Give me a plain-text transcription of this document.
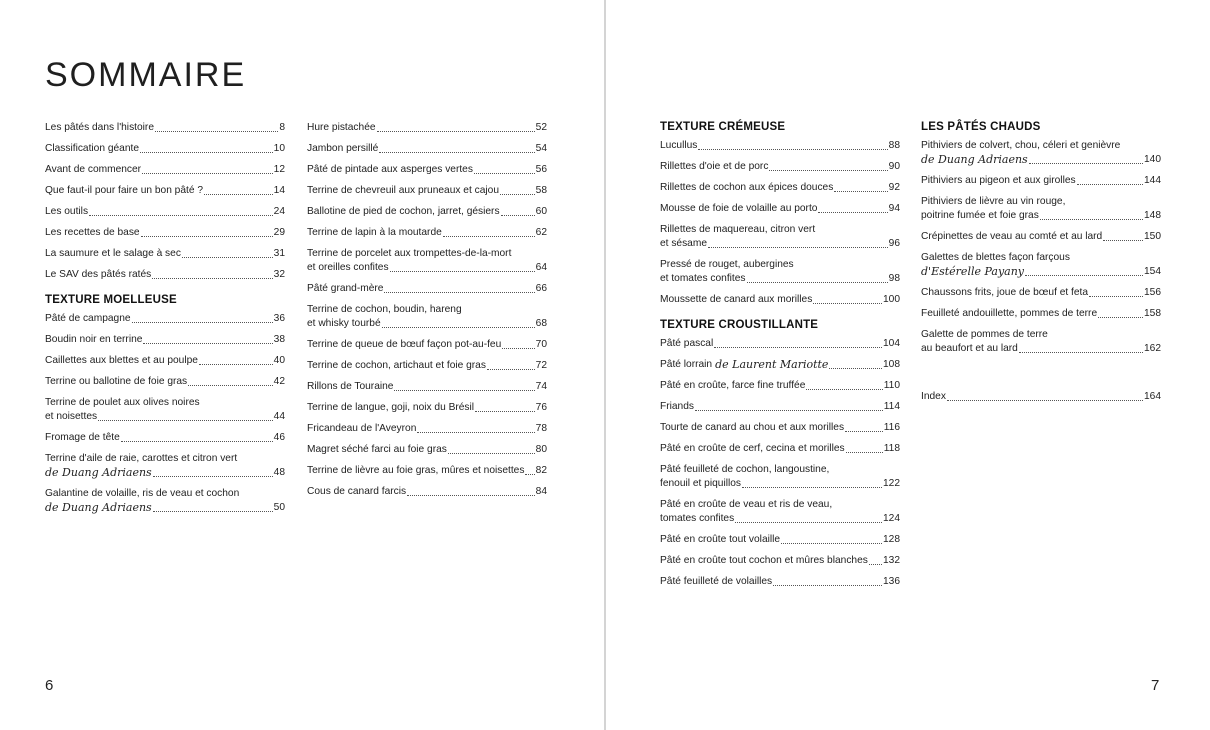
SOMMAIRE
Les pâtés dans l'histoire	8
Classification géante	10
Avant de commencer	12
Que faut-il pour faire un bon pâté ?	14
Les outils	24
Les recettes de base	29
La saumure et le salage à sec	31
Le SAV des pâtés ratés	32
TEXTURE MOELLEUSE
Pâté de campagne	36
Boudin noir en terrine	38
Caillettes aux blettes et au poulpe	40
Terrine ou ballotine de foie gras	42
Terrine de poulet aux olives noires
et noisettes	44
Fromage de tête	46
Terrine d'aile de raie, carottes et citron vert
de Duang Adriaens	48
Galantine de volaille, ris de veau et cochon
de Duang Adriaens	50
Hure pistachée	52
Jambon persillé	54
Pâté de pintade aux asperges vertes	56
Terrine de chevreuil aux pruneaux et cajou	58
Ballotine de pied de cochon, jarret, gésiers	60
Terrine de lapin à la moutarde	62
Terrine de porcelet aux trompettes-de-la-mort
et oreilles confites	64
Pâté grand-mère	66
Terrine de cochon, boudin, hareng
et whisky tourbé	68
Terrine de queue de bœuf façon pot-au-feu	70
Terrine de cochon, artichaut et foie gras	72
Rillons de Touraine	74
Terrine de langue, goji, noix du Brésil	76
Fricandeau de l'Aveyron	78
Magret séché farci au foie gras	80
Terrine de lièvre au foie gras, mûres et noisettes 82
Cous de canard farcis	84
TEXTURE CRÉMEUSE
Lucullus	88
Rillettes d'oie et de porc	90
Rillettes de cochon aux épices douces	92
Mousse de foie de volaille au porto	94
Rillettes de maquereau, citron vert
et sésame	96
Pressé de rouget, aubergines
et tomates confites	98
Moussette de canard aux morilles	100
TEXTURE CROUSTILLANTE
Pâté pascal	104
Pâté lorrain de Laurent Mariotte	108
Pâté en croûte, farce fine truffée	110
Friands	114
Tourte de canard au chou et aux morilles	116
Pâté en croûte de cerf, cecina et morilles	118
Pâté feuilleté de cochon, langoustine,
fenouil et piquillos	122
Pâté en croûte de veau et ris de veau,
tomates confites	124
Pâté en croûte tout volaille	128
Pâté en croûte tout cochon et mûres blanches 132
Pâté feuilleté de volailles	136
LES PÂTÉS CHAUDS
Pithiviers de colvert, chou, céleri et genièvre
de Duang Adriaens	140
Pithiviers au pigeon et aux girolles	144
Pithiviers de lièvre au vin rouge,
poitrine fumée et foie gras	148
Crépinettes de veau au comté et au lard	150
Galettes de blettes façon farçous
d'Estérelle Payany	154
Chaussons frits, joue de bœuf et feta	156
Feuilleté andouillette, pommes de terre	158
Galette de pommes de terre
au beaufort et au lard	162
Index	164
6	7
